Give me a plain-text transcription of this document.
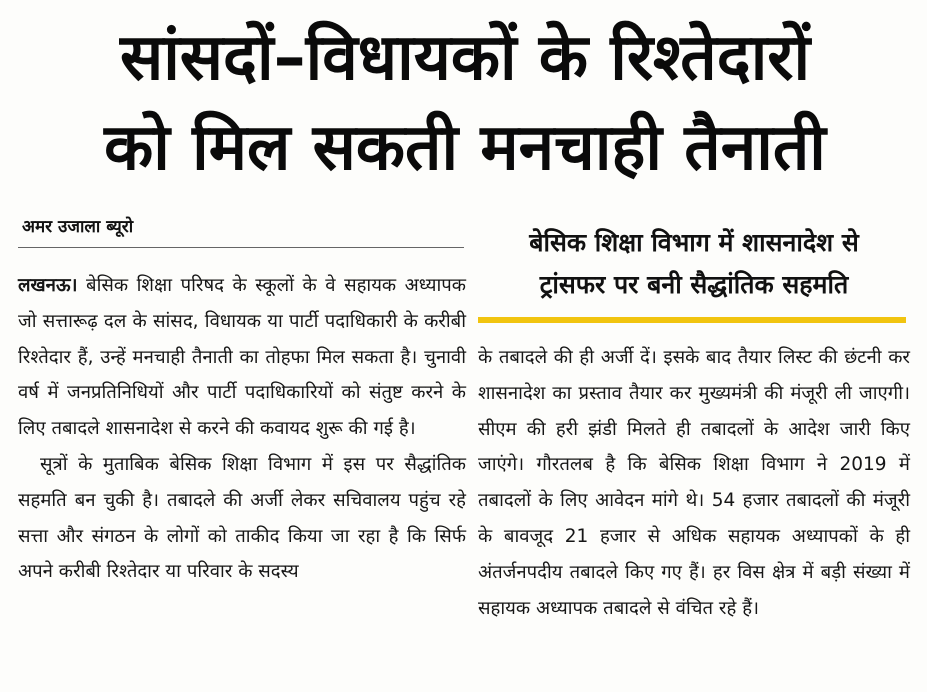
सांसदों–विधायकों के रिश्तेदारों
को मिल सकती मनचाही तैनाती
अमर उजाला ब्यूरो

लखनऊ। बेसिक शिक्षा परिषद के स्कूलों के वे सहायक अध्यापक जो सत्तारूढ़ दल के सांसद, विधायक या पार्टी पदाधिकारी के करीबी रिश्तेदार हैं, उन्हें मनचाही तैनाती का तोहफा मिल सकता है। चुनावी वर्ष में जनप्रतिनिधियों और पार्टी पदाधिकारियों को संतुष्ट करने के लिए तबादले शासनादेश से करने की कवायद शुरू की गई है।

सूत्रों के मुताबिक बेसिक शिक्षा विभाग में इस पर सैद्धांतिक सहमति बन चुकी है। तबादले की अर्जी लेकर सचिवालय पहुंच रहे सत्ता और संगठन के लोगों को ताकीद किया जा रहा है कि सिर्फ अपने करीबी रिश्तेदार या परिवार के सदस्य

बेसिक शिक्षा विभाग में शासनादेश से
ट्रांसफर पर बनी सैद्धांतिक सहमति

के तबादले की ही अर्जी दें। इसके बाद तैयार लिस्ट की छंटनी कर शासनादेश का प्रस्ताव तैयार कर मुख्यमंत्री की मंजूरी ली जाएगी। सीएम की हरी झंडी मिलते ही तबादलों के आदेश जारी किए जाएंगे। गौरतलब है कि बेसिक शिक्षा विभाग ने 2019 में तबादलों के लिए आवेदन मांगे थे। 54 हजार तबादलों की मंजूरी के बावजूद 21 हजार से अधिक सहायक अध्यापकों के ही अंतर्जनपदीय तबादले किए गए हैं। हर विस क्षेत्र में बड़ी संख्या में सहायक अध्यापक तबादले से वंचित रहे हैं।
